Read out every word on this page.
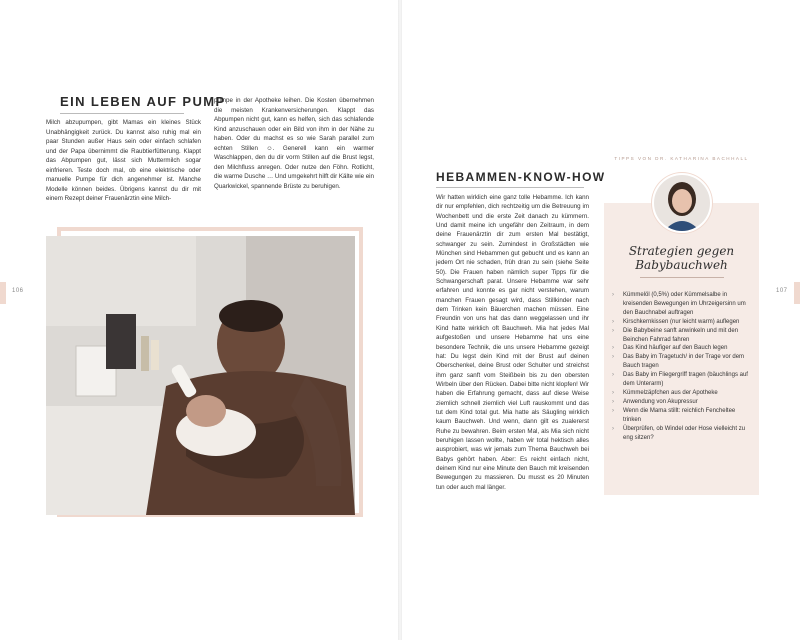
106	107
EIN LEBEN AUF PUMP
Milch abzupumpen, gibt Mamas ein kleines Stück Unabhängigkeit zurück. Du kannst also ruhig mal ein paar Stunden außer Haus sein oder einfach schlafen und der Papa übernimmt die Raubtierfütterung. Klappt das Abpumpen gut, lässt sich Muttermilch sogar einfrieren. Teste doch mal, ob eine elektrische oder manuelle Pumpe für dich angenehmer ist. Manche Modelle können beides. Übrigens kannst du dir mit einem Rezept deiner Frauenärztin eine Milch-
pumpe in der Apotheke leihen. Die Kosten übernehmen die meisten Krankenversicherungen. Klappt das Abpumpen nicht gut, kann es helfen, sich das schlafende Kind anzuschauen oder ein Bild von ihm in der Nähe zu haben. Oder du machst es so wie Sarah parallel zum echten Stillen ☺. Generell kann ein warmer Waschlappen, den du dir vorm Stillen auf die Brust legst, den Milchfluss anregen. Oder nutze den Föhn. Rotlicht, die warme Dusche … Und umgekehrt hilft dir Kälte wie ein Quarkwickel, spannende Brüste zu beruhigen.
HEBAMMEN-KNOW-HOW
Wir hatten wirklich eine ganz tolle Hebamme. Ich kann dir nur empfehlen, dich rechtzeitig um die Betreuung im Wochenbett und die erste Zeit danach zu kümmern. Und damit meine ich ungefähr den Zeitraum, in dem deine Frauenärztin dir zum ersten Mal bestätigt, schwanger zu sein. Zumindest in Großstädten wie München sind Hebammen gut gebucht und es kann an jedem Ort nie schaden, früh dran zu sein (siehe Seite 50). Die Frauen haben nämlich super Tipps für die Schwangerschaft parat. Unsere Hebamme war sehr erfahren und konnte es gar nicht verstehen, warum manchen Frauen gesagt wird, dass Stillkinder nach dem Trinken kein Bäuerchen machen müssen. Eine Freundin von uns hat das dann weggelassen und ihr Kind hatte wirklich oft Bauchweh. Mia hat jedes Mal aufgestoßen und unsere Hebamme hat uns eine besondere Technik, die uns unsere Hebamme gezeigt hat: Du legst dein Kind mit der Brust auf deinen Oberschenkel, deine Brust oder Schulter und streichst ihm ganz sanft vom Steißbein bis zu den obersten Wirbeln über den Rücken. Dabei bitte nicht klopfen! Wir haben die Erfahrung gemacht, dass auf diese Weise ziemlich schnell ziemlich viel Luft rauskommt und das tut dem Kind total gut. Mia hatte als Säugling wirklich kaum Bauchweh. Und wenn, dann gilt es zualererst Ruhe zu bewahren. Beim ersten Mal, als Mia sich nicht beruhigen lassen wollte, haben wir total hektisch alles ausprobiert, was wir jemals zum Thema Bauchweh bei Babys gehört haben. Aber: Es reicht einfach nicht, deinem Kind nur eine Minute den Bauch mit kreisenden Bewegungen zu massieren. Du musst es 20 Minuten tun oder auch mal länger.
TIPPS VON DR. KATHARINA BACHHALL
Strategien gegen Babybauchweh
› Kümmelöl (0,5%) oder Kümmelsalbe in kreisenden Bewegungen im Uhrzeigersinn um den Bauchnabel auftragen
› Kirschkernkissen (nur leicht warm) auflegen
› Die Babybeine sanft anwinkeln und mit den Beinchen Fahrrad fahren
› Das Kind häufiger auf den Bauch legen
› Das Baby im Tragetuch/ in der Trage vor dem Bauch tragen
› Das Baby im Fliegergriff tragen (bäuchlings auf dem Unterarm)
› Kümmelzäpfchen aus der Apotheke
› Anwendung von Akupressur
› Wenn die Mama stillt: reichlich Fencheltee trinken
› Überprüfen, ob Windel oder Hose vielleicht zu eng sitzen?
